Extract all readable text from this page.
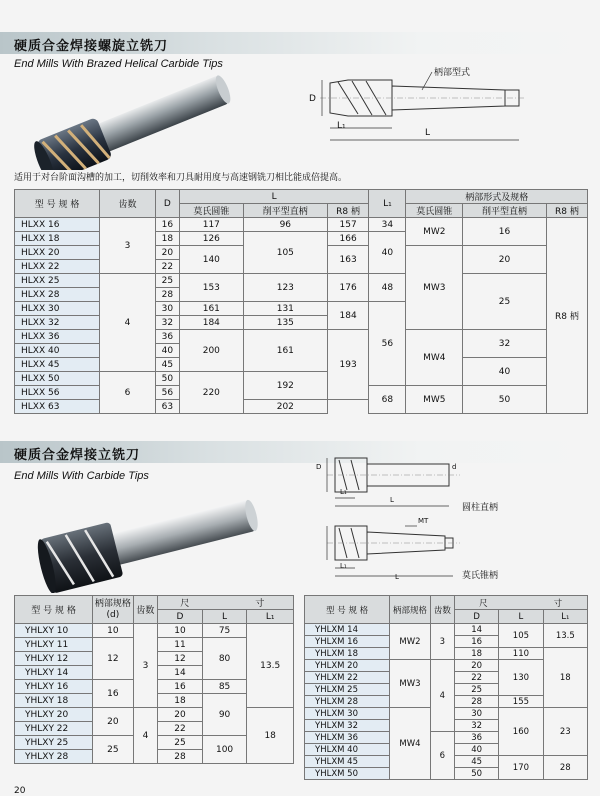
硬质合金焊接螺旋立铣刀
End Mills With Brazed Helical Carbide Tips
柄部型式
D
L₁
L
适用于对台阶面沟槽的加工，切削效率和刀具耐用度与高速钢铣刀相比能成倍提高。
型 号 规 格	齿数	D	L			L₁	柄部形式及规格		
			莫氏圆锥	削平型直柄	R8 柄		莫氏圆锥	削平型直柄	R8 柄
HLXX 16	3	16	117	96	157	34	MW2	16	R8 柄
HLXX 18		18	126	105	166	40			
HLXX 20		20	140		163		MW3	20	
HLXX 22		22							
HLXX 25	4	25	153	123	176	48		25	
HLXX 28		28							
HLXX 30		30	161	131	184	56			
HLXX 32		32	184	135					
HLXX 36		36	200	161	193		MW4	32	
HLXX 40		40							
HLXX 45		45						40	
HLXX 50	6	50	220	192					
HLXX 56		56				68	MW5	50	
HLXX 63		63		202					
硬质合金焊接立铣刀
End Mills With Carbide Tips
D	d
L₁
L
圆柱直柄
MT
L₁
L	莫氏锥柄
型 号 规 格	柄部规格
(d)	齿数	尺 寸		
			D	L	L₁
YHLXY 10	10	3	10	75	13.5
YHLXY 11	12		11	80	
YHLXY 12			12		
YHLXY 14			14		
YHLXY 16	16		16	85	
YHLXY 18			18	90	
YHLXY 20	20	4	20		18
YHLXY 22			22		
YHLXY 25	25		25	100	
YHLXY 28			28		
型 号 规 格	柄部规格	齿数	尺 寸		
			D	L	L₁
YHLXM 14	MW2	3	14	105	13.5
YHLXM 16			16		
YHLXM 18			18	110	18
YHLXM 20	MW3	4	20	130	
YHLXM 22			22		
YHLXM 25			25		
YHLXM 28			28	155	
YHLXM 30	MW4		30	160	23
YHLXM 32			32		
YHLXM 36		6	36		
YHLXM 40			40		
YHLXM 45			45	170	28
YHLXM 50			50		
20
